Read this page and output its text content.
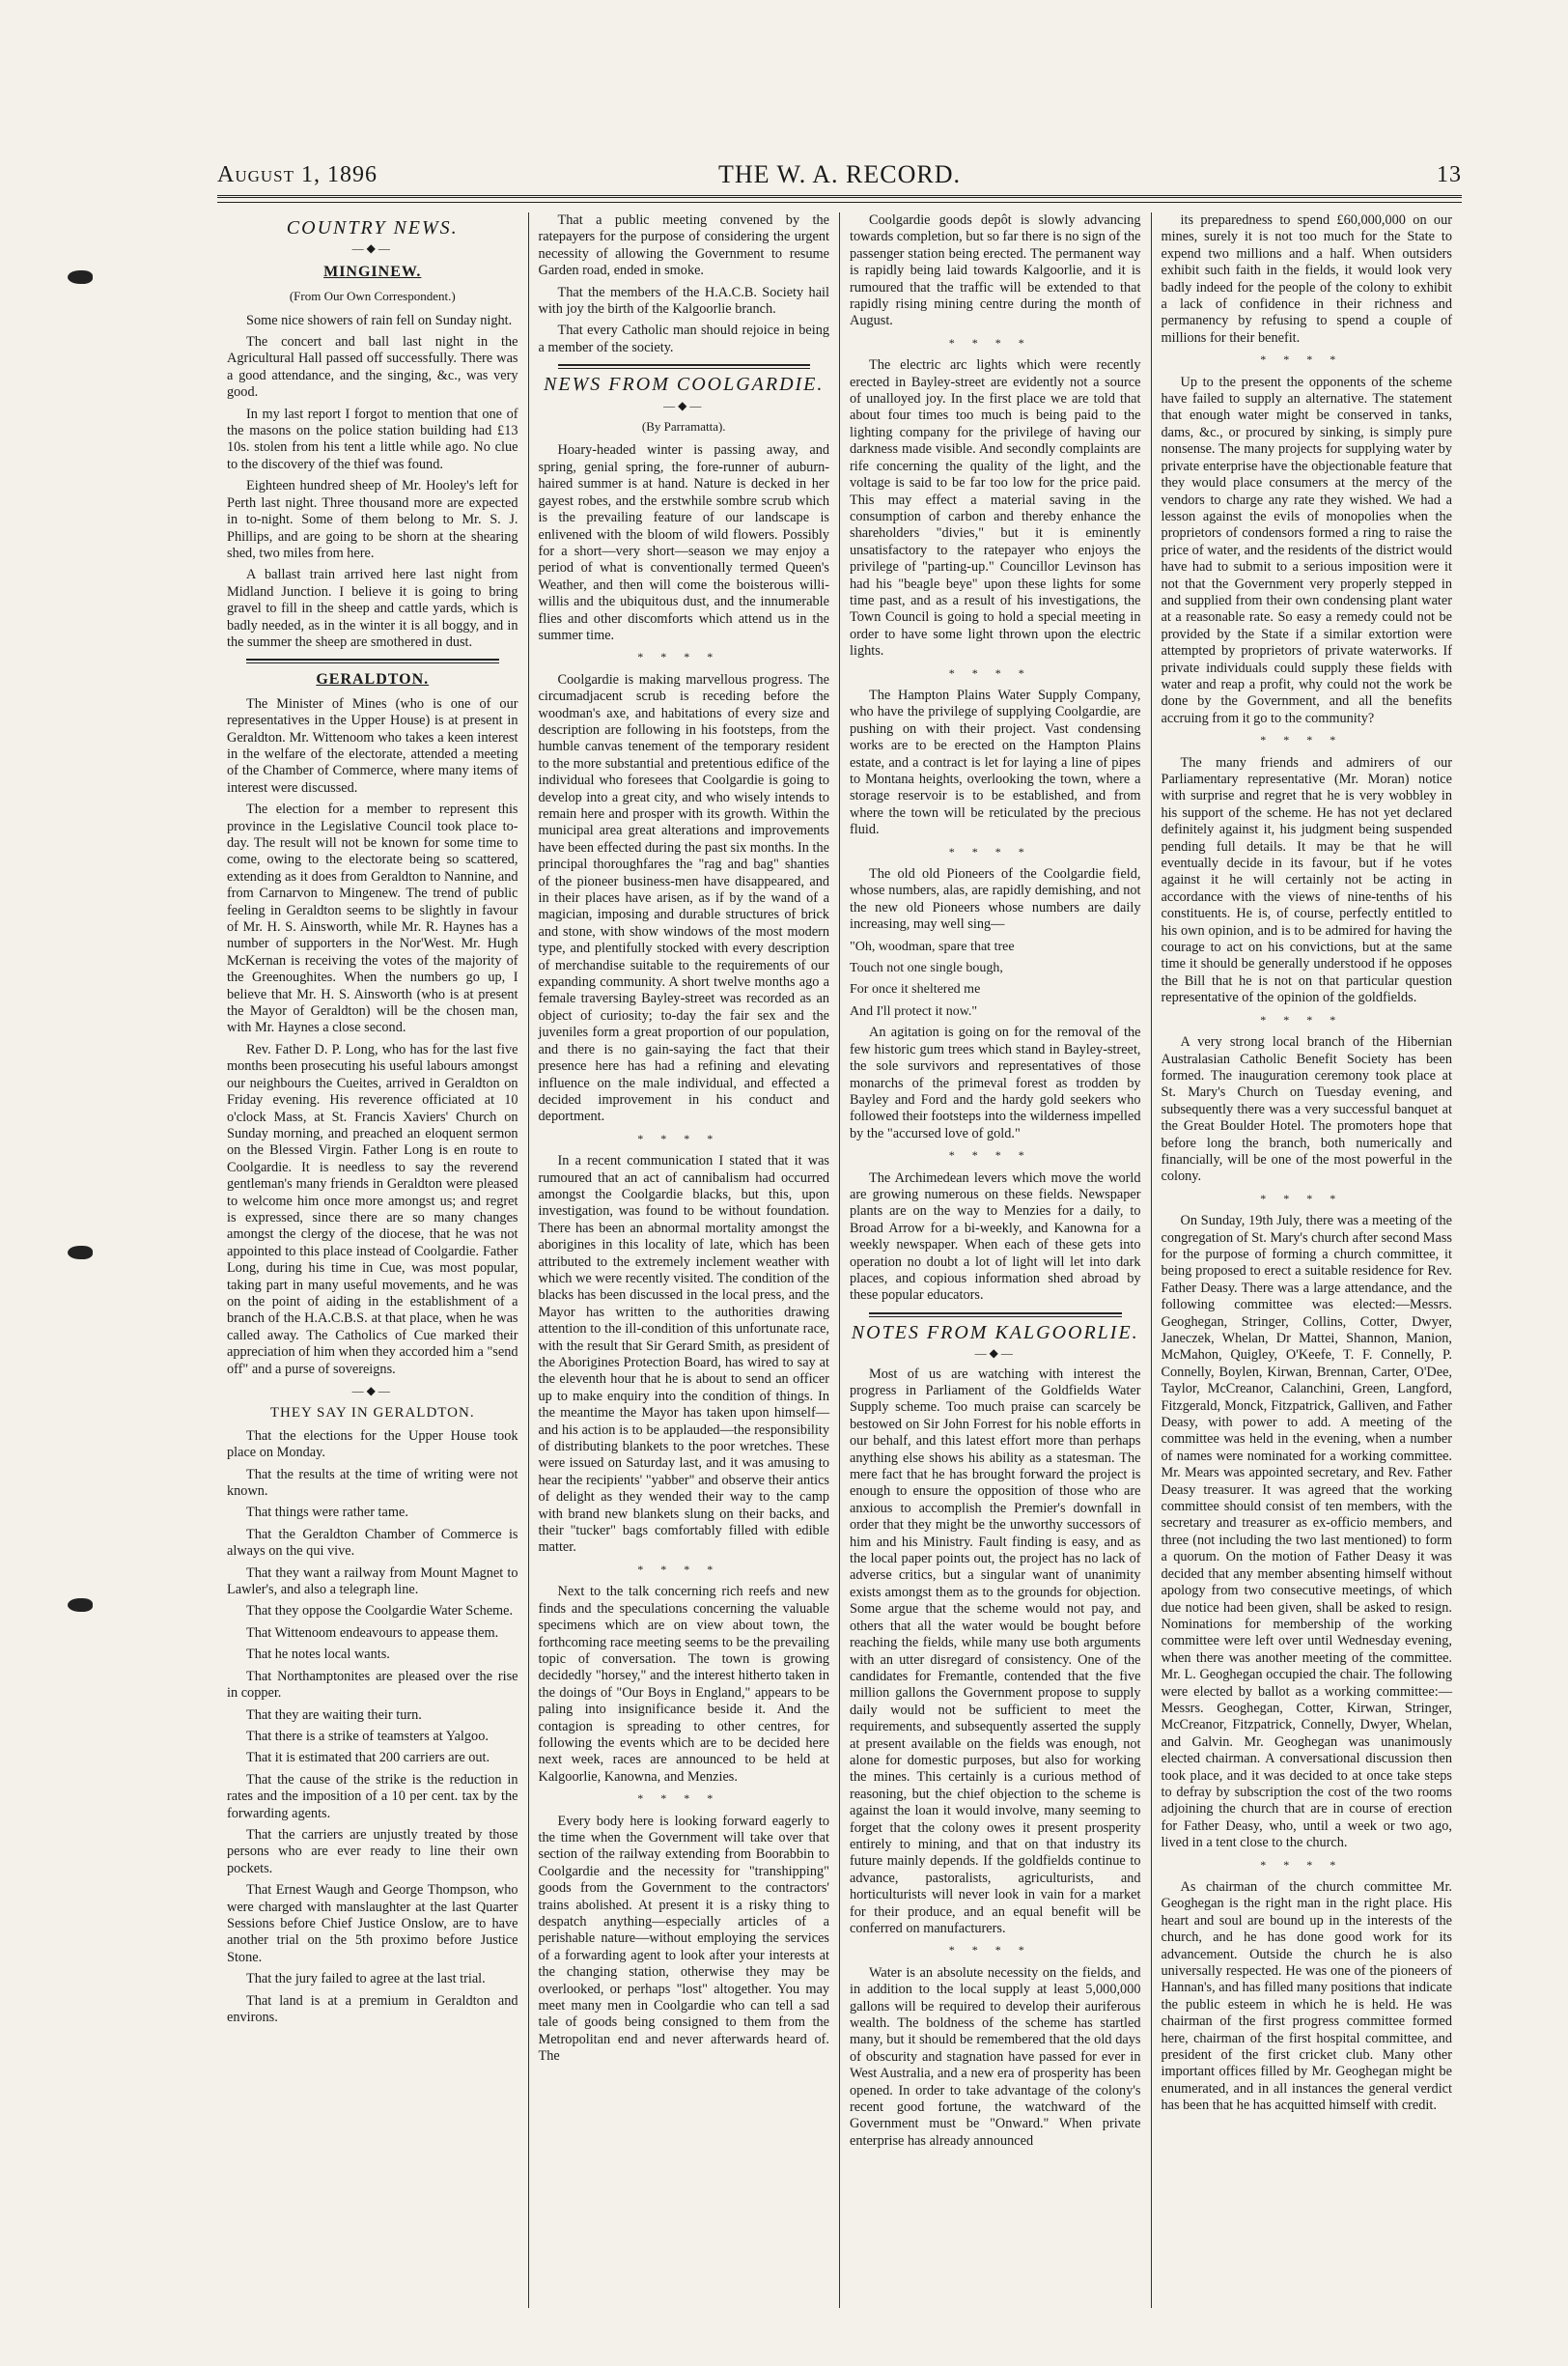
August 1, 1896	THE W. A. RECORD.	13
COUNTRY NEWS.
―◆―
MINGINEW.

(From Our Own Correspondent.)

Some nice showers of rain fell on Sunday night.

The concert and ball last night in the Agricultural Hall passed off successfully. There was a good attendance, and the singing, &c., was very good.

In my last report I forgot to mention that one of the masons on the police station building had £13 10s. stolen from his tent a little while ago. No clue to the discovery of the thief was found.

Eighteen hundred sheep of Mr. Hooley's left for Perth last night. Three thousand more are expected in to-night. Some of them belong to Mr. S. J. Phillips, and are going to be shorn at the shearing shed, two miles from here.

A ballast train arrived here last night from Midland Junction. I believe it is going to bring gravel to fill in the sheep and cattle yards, which is badly needed, as in the winter it is all boggy, and in the summer the sheep are smothered in dust.

GERALDTON.

The Minister of Mines (who is one of our representatives in the Upper House) is at present in Geraldton. Mr. Wittenoom who takes a keen interest in the welfare of the electorate, attended a meeting of the Chamber of Commerce, where many items of interest were discussed.

The election for a member to represent this province in the Legislative Council took place to-day. The result will not be known for some time to come, owing to the electorate being so scattered, extending as it does from Geraldton to Nannine, and from Carnarvon to Mingenew. The trend of public feeling in Geraldton seems to be slightly in favour of Mr. H. S. Ainsworth, while Mr. R. Haynes has a number of supporters in the Nor'West. Mr. Hugh McKernan is receiving the votes of the majority of the Greenoughites. When the numbers go up, I believe that Mr. H. S. Ainsworth (who is at present the Mayor of Geraldton) will be the chosen man, with Mr. Haynes a close second.

Rev. Father D. P. Long, who has for the last five months been prosecuting his useful labours amongst our neighbours the Cueites, arrived in Geraldton on Friday evening. His reverence officiated at 10 o'clock Mass, at St. Francis Xaviers' Church on Sunday morning, and preached an eloquent sermon on the Blessed Virgin. Father Long is en route to Coolgardie. It is needless to say the reverend gentleman's many friends in Geraldton were pleased to welcome him once more amongst us; and regret is expressed, since there are so many changes amongst the clergy of the diocese, that he was not appointed to this place instead of Coolgardie. Father Long, during his time in Cue, was most popular, taking part in many useful movements, and he was on the point of aiding in the establishment of a branch of the H.A.C.B.S. at that place, when he was called away. The Catholics of Cue marked their appreciation of him when they accorded him a "send off" and a purse of sovereigns.

―◆―
THEY SAY IN GERALDTON.

That the elections for the Upper House took place on Monday.

That the results at the time of writing were not known.

That things were rather tame.

That the Geraldton Chamber of Commerce is always on the qui vive.

That they want a railway from Mount Magnet to Lawler's, and also a telegraph line.

That they oppose the Coolgardie Water Scheme.

That Wittenoom endeavours to appease them.

That he notes local wants.

That Northamptonites are pleased over the rise in copper.

That they are waiting their turn.

That there is a strike of teamsters at Yalgoo.

That it is estimated that 200 carriers are out.

That the cause of the strike is the reduction in rates and the imposition of a 10 per cent. tax by the forwarding agents.

That the carriers are unjustly treated by those persons who are ever ready to line their own pockets.

That Ernest Waugh and George Thompson, who were charged with manslaughter at the last Quarter Sessions before Chief Justice Onslow, are to have another trial on the 5th proximo before Justice Stone.

That the jury failed to agree at the last trial.

That land is at a premium in Geraldton and environs.

That a public meeting convened by the ratepayers for the purpose of considering the urgent necessity of allowing the Government to resume Garden road, ended in smoke.

That the members of the H.A.C.B. Society hail with joy the birth of the Kalgoorlie branch.

That every Catholic man should rejoice in being a member of the society.

NEWS FROM COOLGARDIE.
―◆―

(By Parramatta).

Hoary-headed winter is passing away, and spring, genial spring, the fore-runner of auburn-haired summer is at hand. Nature is decked in her gayest robes, and the erstwhile sombre scrub which is the prevailing feature of our landscape is enlivened with the bloom of wild flowers. Possibly for a short—very short—season we may enjoy a period of what is conventionally termed Queen's Weather, and then will come the boisterous willi-willis and the ubiquitous dust, and the innumerable flies and other discomforts which attend us in the summer time.

****

Coolgardie is making marvellous progress. The circumadjacent scrub is receding before the woodman's axe, and habitations of every size and description are following in his footsteps, from the humble canvas tenement of the temporary resident to the more substantial and pretentious edifice of the individual who foresees that Coolgardie is going to develop into a great city, and who wisely intends to remain here and prosper with its growth. Within the municipal area great alterations and improvements have been effected during the past six months. In the principal thoroughfares the "rag and bag" shanties of the pioneer business-men have disappeared, and in their places have arisen, as if by the wand of a magician, imposing and durable structures of brick and stone, with show windows of the most modern type, and plentifully stocked with every description of merchandise suitable to the requirements of our expanding community. A short twelve months ago a female traversing Bayley-street was recorded as an object of curiosity; to-day the fair sex and the juveniles form a great proportion of our population, and there is no gain-saying the fact that their presence here has had a refining and elevating influence on the male individual, and effected a decided improvement in his conduct and deportment.

****

In a recent communication I stated that it was rumoured that an act of cannibalism had occurred amongst the Coolgardie blacks, but this, upon investigation, was found to be without foundation. There has been an abnormal mortality amongst the aborigines in this locality of late, which has been attributed to the extremely inclement weather with which we were recently visited. The condition of the blacks has been discussed in the local press, and the Mayor has written to the authorities drawing attention to the ill-condition of this unfortunate race, with the result that Sir Gerard Smith, as president of the Aborigines Protection Board, has wired to say at the eleventh hour that he is about to send an officer up to make enquiry into the condition of things. In the meantime the Mayor has taken upon himself—and his action is to be applauded—the responsibility of distributing blankets to the poor wretches. These were issued on Saturday last, and it was amusing to hear the recipients' "yabber" and observe their antics of delight as they wended their way to the camp with brand new blankets slung on their backs, and their "tucker" bags comfortably filled with edible matter.

****

Next to the talk concerning rich reefs and new finds and the speculations concerning the valuable specimens which are on view about town, the forthcoming race meeting seems to be the prevailing topic of conversation. The town is growing decidedly "horsey," and the interest hitherto taken in the doings of "Our Boys in England," appears to be paling into insignificance beside it. And the contagion is spreading to other centres, for following the events which are to be decided here next week, races are announced to be held at Kalgoorlie, Kanowna, and Menzies.

****

Every body here is looking forward eagerly to the time when the Government will take over that section of the railway extending from Boorabbin to Coolgardie and the necessity for "transhipping" goods from the Government to the contractors' trains abolished. At present it is a risky thing to despatch anything—especially articles of a perishable nature—without employing the services of a forwarding agent to look after your interests at the changing station, otherwise they may be overlooked, or perhaps "lost" altogether. You may meet many men in Coolgardie who can tell a sad tale of goods being consigned to them from the Metropolitan end and never afterwards heard of. The

Coolgardie goods depôt is slowly advancing towards completion, but so far there is no sign of the passenger station being erected. The permanent way is rapidly being laid towards Kalgoorlie, and it is rumoured that the traffic will be extended to that rapidly rising mining centre during the month of August.

****

The electric arc lights which were recently erected in Bayley-street are evidently not a source of unalloyed joy. In the first place we are told that about four times too much is being paid to the lighting company for the privilege of having our darkness made visible. And secondly complaints are rife concerning the quality of the light, and the voltage is said to be far too low for the price paid. This may effect a material saving in the consumption of carbon and thereby enhance the shareholders "divies," but it is eminently unsatisfactory to the ratepayer who enjoys the privilege of "parting-up." Councillor Levinson has had his "beagle beye" upon these lights for some time past, and as a result of his investigations, the Town Council is going to hold a special meeting in order to have some light thrown upon the electric lights.

****

The Hampton Plains Water Supply Company, who have the privilege of supplying Coolgardie, are pushing on with their project. Vast condensing works are to be erected on the Hampton Plains estate, and a contract is let for laying a line of pipes to Montana heights, overlooking the town, where a storage reservoir is to be established, and from where the town will be reticulated by the precious fluid.

****

The old old Pioneers of the Coolgardie field, whose numbers, alas, are rapidly demishing, and not the new old Pioneers whose numbers are daily increasing, may well sing—

"Oh, woodman, spare that tree

Touch not one single bough,

For once it sheltered me

And I'll protect it now."

An agitation is going on for the removal of the few historic gum trees which stand in Bayley-street, the sole survivors and representatives of those monarchs of the primeval forest as trodden by Bayley and Ford and the hardy gold seekers who followed their footsteps into the wilderness impelled by the "accursed love of gold."

****

The Archimedean levers which move the world are growing numerous on these fields. Newspaper plants are on the way to Menzies for a daily, to Broad Arrow for a bi-weekly, and Kanowna for a weekly newspaper. When each of these gets into operation no doubt a lot of light will let into dark places, and copious information shed abroad by these popular educators.

NOTES FROM KALGOORLIE.
―◆―

Most of us are watching with interest the progress in Parliament of the Goldfields Water Supply scheme. Too much praise can scarcely be bestowed on Sir John Forrest for his noble efforts in our behalf, and this latest effort more than perhaps anything else shows his ability as a statesman. The mere fact that he has brought forward the project is enough to ensure the opposition of those who are anxious to accomplish the Premier's downfall in order that they might be the unworthy successors of him and his Ministry. Fault finding is easy, and as the local paper points out, the project has no lack of adverse critics, but a singular want of unanimity exists amongst them as to the grounds for objection. Some argue that the scheme would not pay, and others that all the water would be bought before reaching the fields, while many use both arguments with an utter disregard of consistency. One of the candidates for Fremantle, contended that the five million gallons the Government propose to supply daily would not be sufficient to meet the requirements, and subsequently asserted the supply at present available on the fields was enough, not alone for domestic purposes, but also for working the mines. This certainly is a curious method of reasoning, but the chief objection to the scheme is against the loan it would involve, many seeming to forget that the colony owes it present prosperity entirely to mining, and that on that industry its future mainly depends. If the goldfields continue to advance, pastoralists, agriculturists, and horticulturists will never look in vain for a market for their produce, and an equal benefit will be conferred on manufacturers.

****

Water is an absolute necessity on the fields, and in addition to the local supply at least 5,000,000 gallons will be required to develop their auriferous wealth. The boldness of the scheme has startled many, but it should be remembered that the old days of obscurity and stagnation have passed for ever in West Australia, and a new era of prosperity has been opened. In order to take advantage of the colony's recent good fortune, the watchward of the Government must be "Onward." When private enterprise has already announced

its preparedness to spend £60,000,000 on our mines, surely it is not too much for the State to expend two millions and a half. When outsiders exhibit such faith in the fields, it would look very badly indeed for the people of the colony to exhibit a lack of confidence in their richness and permanency by refusing to spend a couple of millions for their benefit.

****

Up to the present the opponents of the scheme have failed to supply an alternative. The statement that enough water might be conserved in tanks, dams, &c., or procured by sinking, is simply pure nonsense. The many projects for supplying water by private enterprise have the objectionable feature that they would place consumers at the mercy of the vendors to charge any rate they wished. We had a lesson against the evils of monopolies when the proprietors of condensors formed a ring to raise the price of water, and the residents of the district would have had to submit to a serious imposition were it not that the Government very properly stepped in and supplied from their own condensing plant water at a reasonable rate. So easy a remedy could not be provided by the State if a similar extortion were attempted by proprietors of private waterworks. If private individuals could supply these fields with water and reap a profit, why could not the work be done by the Government, and all the benefits accruing from it go to the community?

****

The many friends and admirers of our Parliamentary representative (Mr. Moran) notice with surprise and regret that he is very wobbley in his support of the scheme. He has not yet declared definitely against it, his judgment being suspended pending full details. It may be that he will eventually decide in its favour, but if he votes against it he will certainly not be acting in accordance with the views of nine-tenths of his constituents. He is, of course, perfectly entitled to his own opinion, and is to be admired for having the courage to act on his convictions, but at the same time it should be generally understood if he opposes the Bill that he is not on that particular question representative of the opinion of the goldfields.

****

A very strong local branch of the Hibernian Australasian Catholic Benefit Society has been formed. The inauguration ceremony took place at St. Mary's Church on Tuesday evening, and subsequently there was a very successful banquet at the Great Boulder Hotel. The promoters hope that before long the branch, both numerically and financially, will be one of the most powerful in the colony.

****

On Sunday, 19th July, there was a meeting of the congregation of St. Mary's church after second Mass for the purpose of forming a church committee, it being proposed to erect a suitable residence for Rev. Father Deasy. There was a large attendance, and the following committee was elected:—Messrs. Geoghegan, Stringer, Collins, Cotter, Dwyer, Janeczek, Whelan, Dr Mattei, Shannon, Manion, McMahon, Quigley, O'Keefe, T. F. Connelly, P. Connelly, Boylen, Kirwan, Brennan, Carter, O'Dee, Taylor, McCreanor, Calanchini, Green, Langford, Fitzgerald, Monck, Fitzpatrick, Galliven, and Father Deasy, with power to add. A meeting of the committee was held in the evening, when a number of names were nominated for a working committee. Mr. Mears was appointed secretary, and Rev. Father Deasy treasurer. It was agreed that the working committee should consist of ten members, with the secretary and treasurer as ex-officio members, and three (not including the two last mentioned) to form a quorum. On the motion of Father Deasy it was decided that any member absenting himself without apology from two consecutive meetings, of which due notice had been given, shall be asked to resign. Nominations for membership of the working committee were left over until Wednesday evening, when there was another meeting of the committee. Mr. L. Geoghegan occupied the chair. The following were elected by ballot as a working committee:—Messrs. Geoghegan, Cotter, Kirwan, Stringer, McCreanor, Fitzpatrick, Connelly, Dwyer, Whelan, and Galvin. Mr. Geoghegan was unanimously elected chairman. A conversational discussion then took place, and it was decided to at once take steps to defray by subscription the cost of the two rooms adjoining the church that are in course of erection for Father Deasy, who, until a week or two ago, lived in a tent close to the church.

****

As chairman of the church committee Mr. Geoghegan is the right man in the right place. His heart and soul are bound up in the interests of the church, and he has done good work for its advancement. Outside the church he is also universally respected. He was one of the pioneers of Hannan's, and has filled many positions that indicate the public esteem in which he is held. He was chairman of the first progress committee formed here, chairman of the first hospital committee, and president of the first cricket club. Many other important offices filled by Mr. Geoghegan might be enumerated, and in all instances the general verdict has been that he has acquitted himself with credit.
